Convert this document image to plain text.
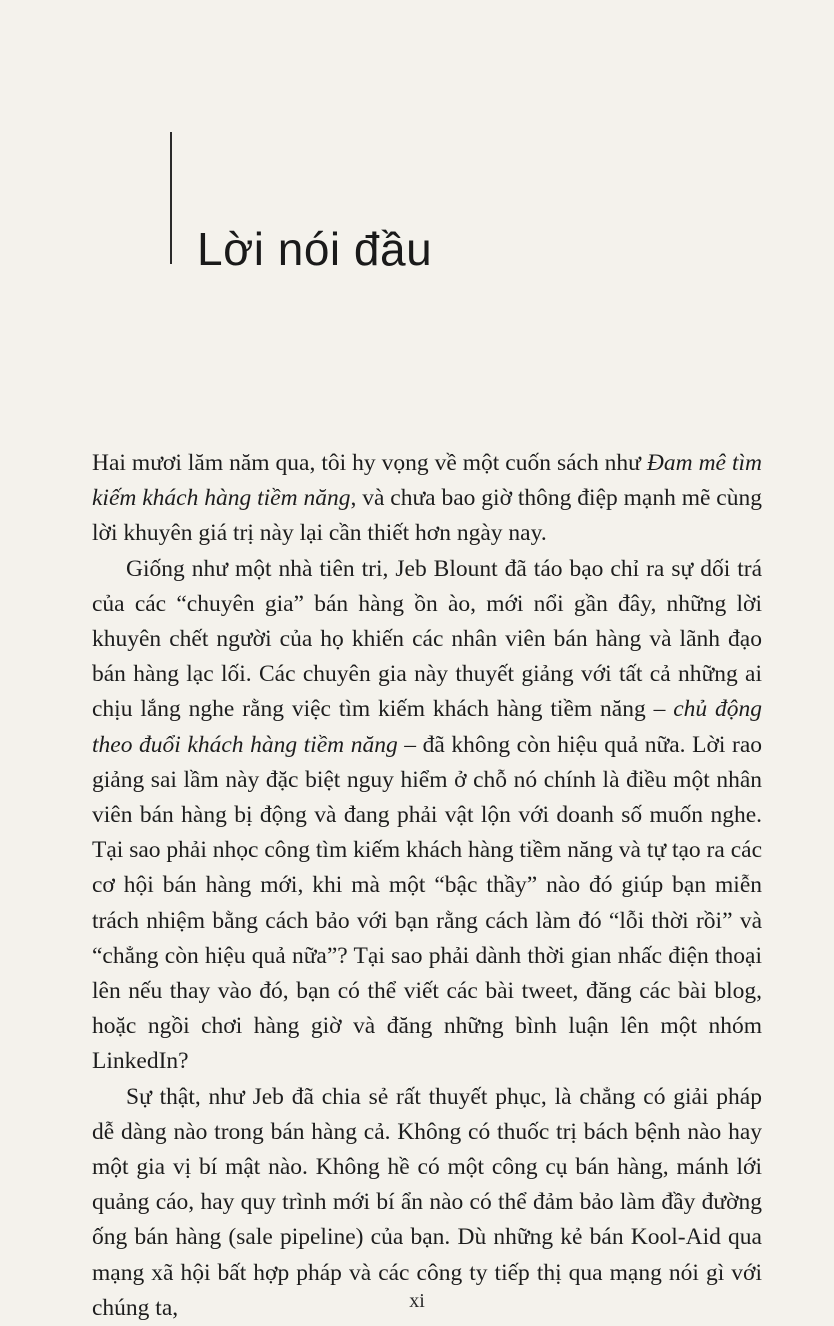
Lời nói đầu

Hai mươi lăm năm qua, tôi hy vọng về một cuốn sách như Đam mê tìm kiếm khách hàng tiềm năng, và chưa bao giờ thông điệp mạnh mẽ cùng lời khuyên giá trị này lại cần thiết hơn ngày nay.

Giống như một nhà tiên tri, Jeb Blount đã táo bạo chỉ ra sự dối trá của các “chuyên gia” bán hàng ồn ào, mới nổi gần đây, những lời khuyên chết người của họ khiến các nhân viên bán hàng và lãnh đạo bán hàng lạc lối. Các chuyên gia này thuyết giảng với tất cả những ai chịu lắng nghe rằng việc tìm kiếm khách hàng tiềm năng – chủ động theo đuổi khách hàng tiềm năng – đã không còn hiệu quả nữa. Lời rao giảng sai lầm này đặc biệt nguy hiểm ở chỗ nó chính là điều một nhân viên bán hàng bị động và đang phải vật lộn với doanh số muốn nghe. Tại sao phải nhọc công tìm kiếm khách hàng tiềm năng và tự tạo ra các cơ hội bán hàng mới, khi mà một “bậc thầy” nào đó giúp bạn miễn trách nhiệm bằng cách bảo với bạn rằng cách làm đó “lỗi thời rồi” và “chẳng còn hiệu quả nữa”? Tại sao phải dành thời gian nhấc điện thoại lên nếu thay vào đó, bạn có thể viết các bài tweet, đăng các bài blog, hoặc ngồi chơi hàng giờ và đăng những bình luận lên một nhóm LinkedIn?

Sự thật, như Jeb đã chia sẻ rất thuyết phục, là chẳng có giải pháp dễ dàng nào trong bán hàng cả. Không có thuốc trị bách bệnh nào hay một gia vị bí mật nào. Không hề có một công cụ bán hàng, mánh lới quảng cáo, hay quy trình mới bí ẩn nào có thể đảm bảo làm đầy đường ống bán hàng (sale pipeline) của bạn. Dù những kẻ bán Kool-Aid qua mạng xã hội bất hợp pháp và các công ty tiếp thị qua mạng nói gì với chúng ta,	xi
